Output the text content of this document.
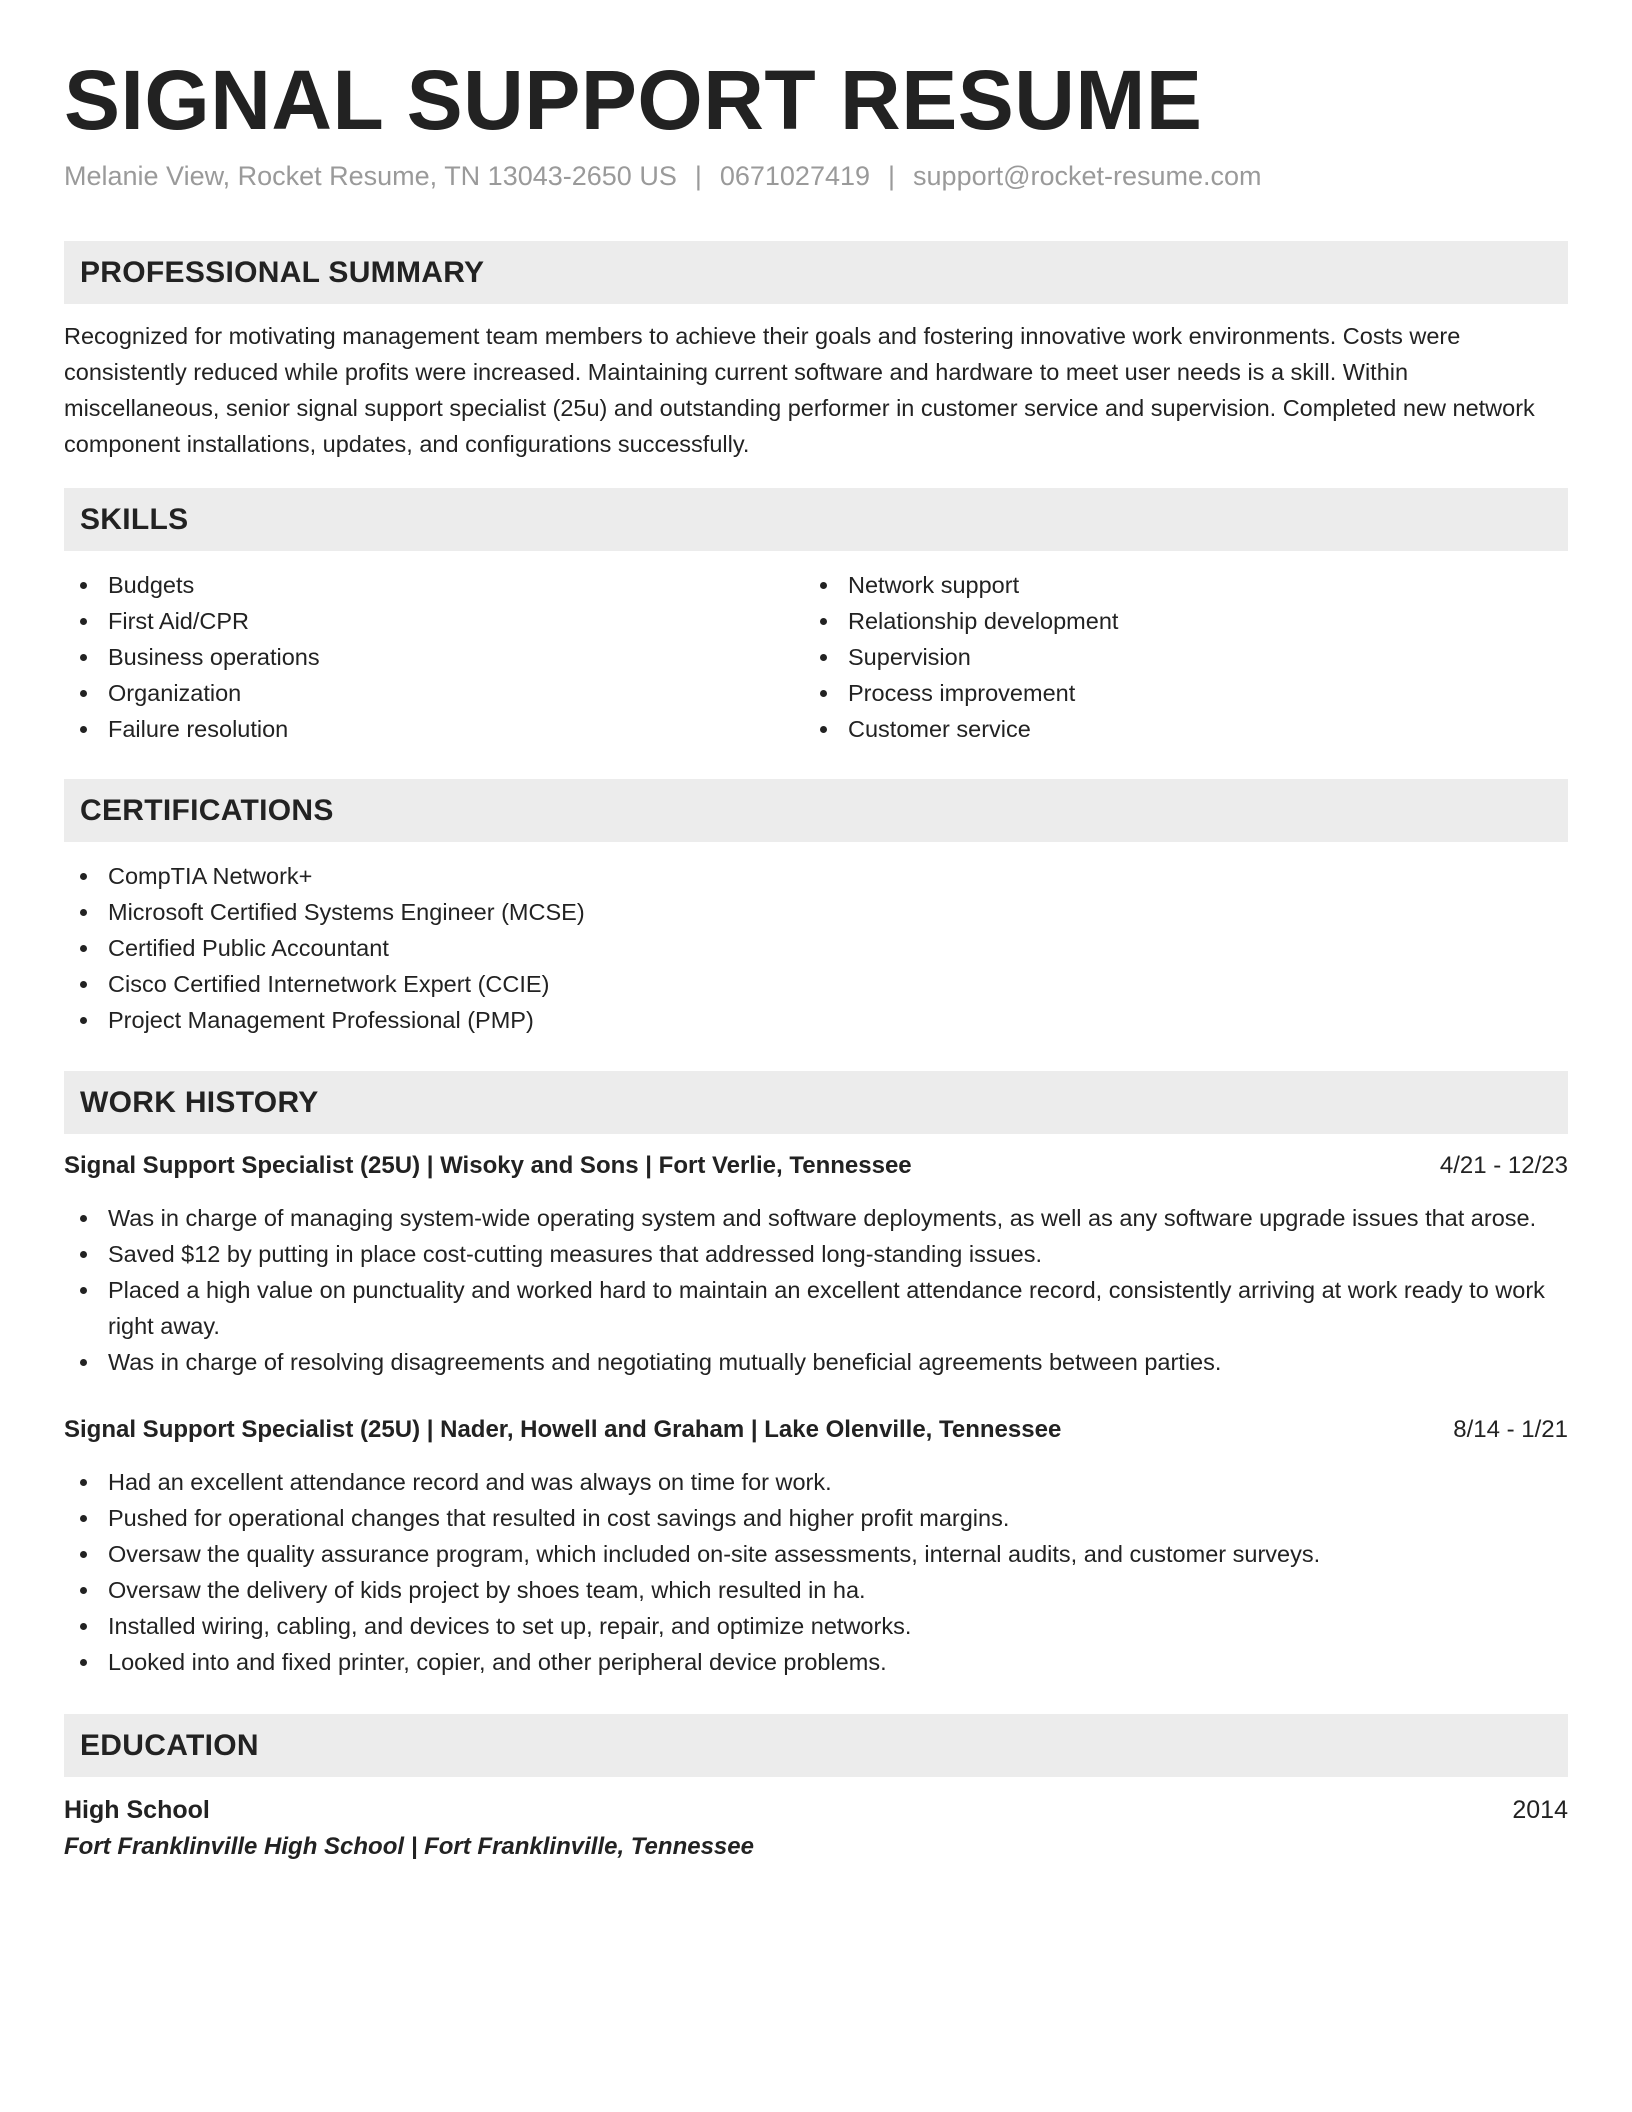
SIGNAL SUPPORT RESUME
Melanie View, Rocket Resume, TN 13043-2650 US | 0671027419 | support@rocket-resume.com
PROFESSIONAL SUMMARY

Recognized for motivating management team members to achieve their goals and fostering innovative work environments. Costs were consistently reduced while profits were increased. Maintaining current software and hardware to meet user needs is a skill. Within miscellaneous, senior signal support specialist (25u) and outstanding performer in customer service and supervision. Completed new network component installations, updates, and configurations successfully.

SKILLS
Budgets
First Aid/CPR
Business operations
Organization
Failure resolution
Network support
Relationship development
Supervision
Process improvement
Customer service
CERTIFICATIONS
CompTIA Network+
Microsoft Certified Systems Engineer (MCSE)
Certified Public Accountant
Cisco Certified Internetwork Expert (CCIE)
Project Management Professional (PMP)
WORK HISTORY
Signal Support Specialist (25U) | Wisoky and Sons | Fort Verlie, Tennessee	4/21 - 12/23
Was in charge of managing system-wide operating system and software deployments, as well as any software upgrade issues that arose.
Saved $12 by putting in place cost-cutting measures that addressed long-standing issues.
Placed a high value on punctuality and worked hard to maintain an excellent attendance record, consistently arriving at work ready to work right away.
Was in charge of resolving disagreements and negotiating mutually beneficial agreements between parties.
Signal Support Specialist (25U) | Nader, Howell and Graham | Lake Olenville, Tennessee	8/14 - 1/21
Had an excellent attendance record and was always on time for work.
Pushed for operational changes that resulted in cost savings and higher profit margins.
Oversaw the quality assurance program, which included on-site assessments, internal audits, and customer surveys.
Oversaw the delivery of kids project by shoes team, which resulted in ha.
Installed wiring, cabling, and devices to set up, repair, and optimize networks.
Looked into and fixed printer, copier, and other peripheral device problems.
EDUCATION
High School	2014
Fort Franklinville High School | Fort Franklinville, Tennessee
